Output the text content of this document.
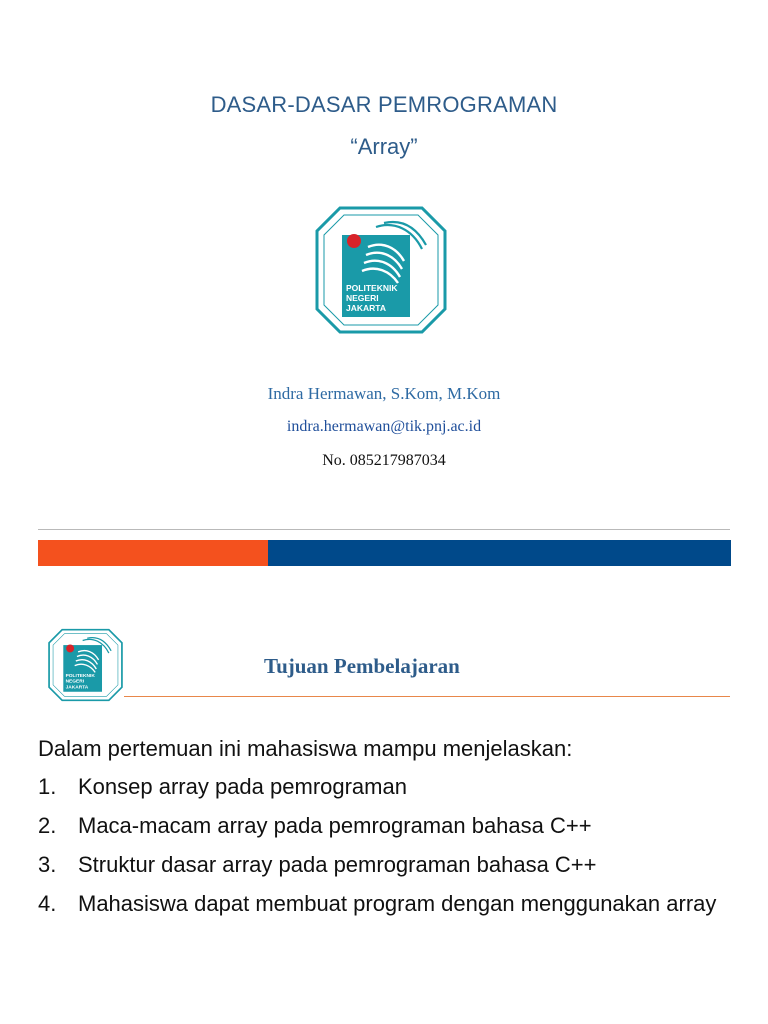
DASAR-DASAR PEMROGRAMAN
“Array”
POLITEKNIK
NEGERI
JAKARTA
Indra Hermawan, S.Kom, M.Kom
indra.hermawan@tik.pnj.ac.id
No. 085217987034
POLITEKNIK
NEGERI
JAKARTA
Tujuan Pembelajaran
Dalam pertemuan ini mahasiswa mampu menjelaskan:
1. Konsep array pada pemrograman
2. Maca-macam array pada pemrograman bahasa C++
3. Struktur dasar array pada pemrograman bahasa C++
4. Mahasiswa dapat membuat program dengan menggunakan array
